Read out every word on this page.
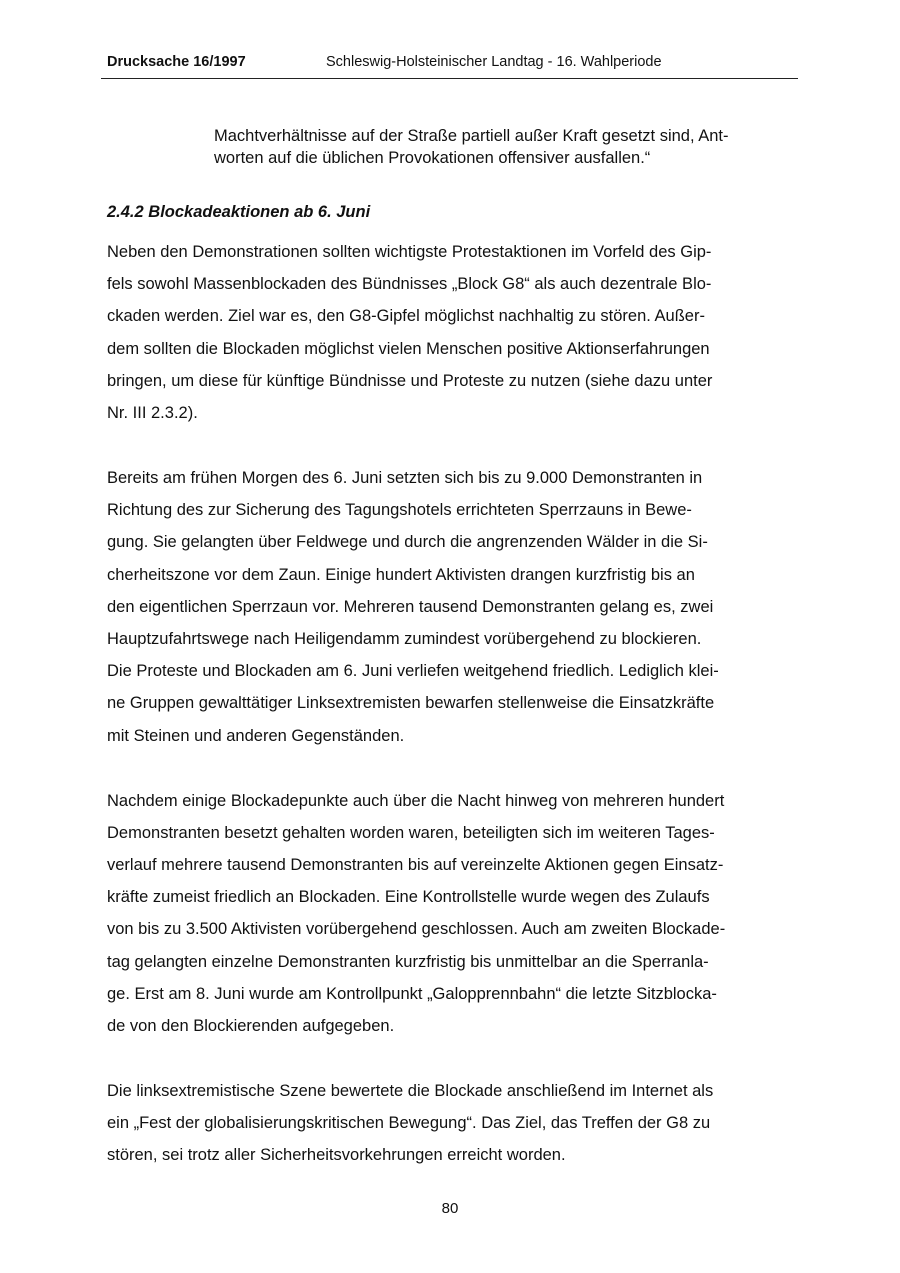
Drucksache 16/1997	Schleswig-Holsteinischer Landtag - 16. Wahlperiode
Machtverhältnisse auf der Straße partiell außer Kraft gesetzt sind, Ant-
worten auf die üblichen Provokationen offensiver ausfallen.“
2.4.2 Blockadeaktionen ab 6. Juni
Neben den Demonstrationen sollten wichtigste Protestaktionen im Vorfeld des Gip-
fels sowohl Massenblockaden des Bündnisses „Block G8“ als auch dezentrale Blo-
ckaden werden. Ziel war es, den G8-Gipfel möglichst nachhaltig zu stören. Außer-
dem sollten die Blockaden möglichst vielen Menschen positive Aktionserfahrungen
bringen, um diese für künftige Bündnisse und Proteste zu nutzen (siehe dazu unter
Nr. III 2.3.2).
Bereits am frühen Morgen des 6. Juni setzten sich bis zu 9.000 Demonstranten in
Richtung des zur Sicherung des Tagungshotels errichteten Sperrzauns in Bewe-
gung. Sie gelangten über Feldwege und durch die angrenzenden Wälder in die Si-
cherheitszone vor dem Zaun. Einige hundert Aktivisten drangen kurzfristig bis an
den eigentlichen Sperrzaun vor. Mehreren tausend Demonstranten gelang es, zwei
Hauptzufahrtswege nach Heiligendamm zumindest vorübergehend zu blockieren.
Die Proteste und Blockaden am 6. Juni verliefen weitgehend friedlich. Lediglich klei-
ne Gruppen gewalttätiger Linksextremisten bewarfen stellenweise die Einsatzkräfte
mit Steinen und anderen Gegenständen.
Nachdem einige Blockadepunkte auch über die Nacht hinweg von mehreren hundert
Demonstranten besetzt gehalten worden waren, beteiligten sich im weiteren Tages-
verlauf mehrere tausend Demonstranten bis auf vereinzelte Aktionen gegen Einsatz-
kräfte zumeist friedlich an Blockaden. Eine Kontrollstelle wurde wegen des Zulaufs
von bis zu 3.500 Aktivisten vorübergehend geschlossen. Auch am zweiten Blockade-
tag gelangten einzelne Demonstranten kurzfristig bis unmittelbar an die Sperranla-
ge. Erst am 8. Juni wurde am Kontrollpunkt „Galopprennbahn“ die letzte Sitzblocka-
de von den Blockierenden aufgegeben.
Die linksextremistische Szene bewertete die Blockade anschließend im Internet als
ein „Fest der globalisierungskritischen Bewegung“. Das Ziel, das Treffen der G8 zu
stören, sei trotz aller Sicherheitsvorkehrungen erreicht worden.
80
